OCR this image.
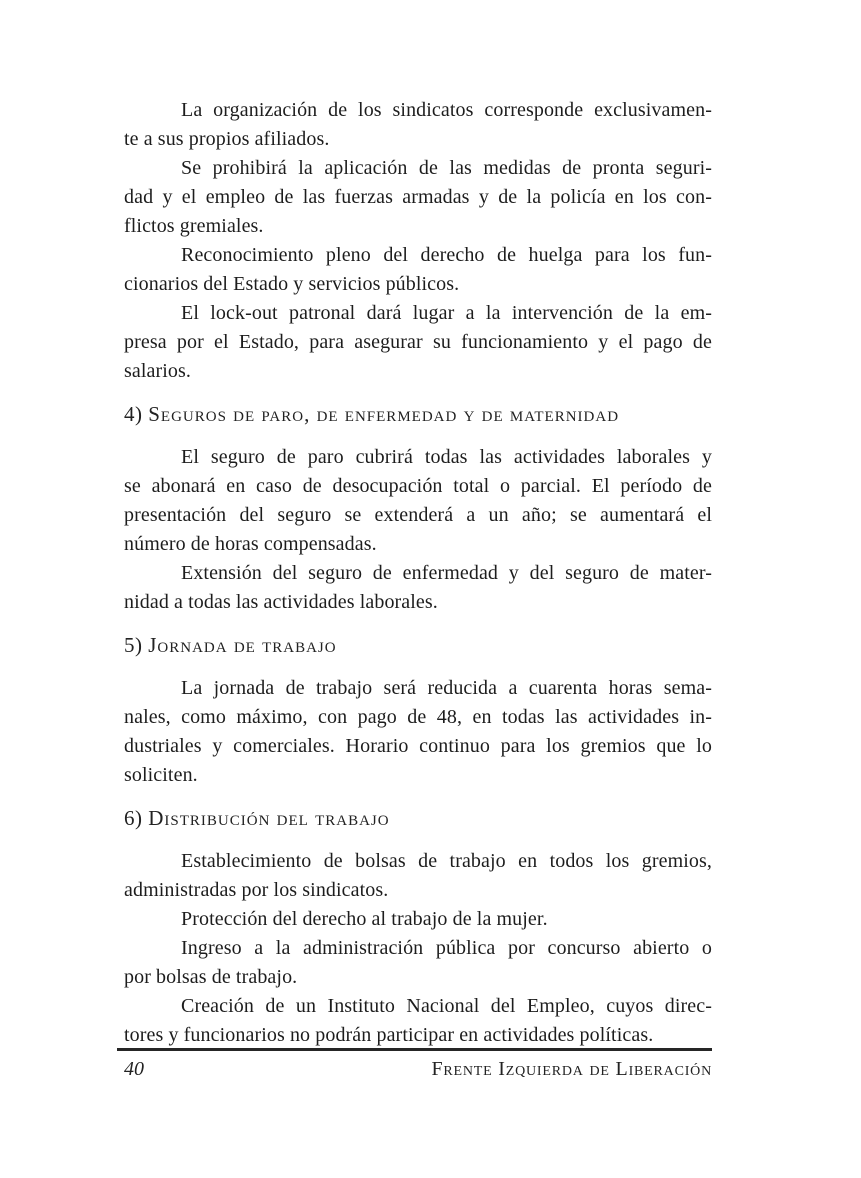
La organización de los sindicatos corresponde exclusivamen-
te a sus propios afiliados.

Se prohibirá la aplicación de las medidas de pronta seguri-
dad y el empleo de las fuerzas armadas y de la policía en los con-
flictos gremiales.

Reconocimiento pleno del derecho de huelga para los fun-
cionarios del Estado y servicios públicos.

El lock-out patronal dará lugar a la intervención de la em-
presa por el Estado, para asegurar su funcionamiento y el pago de
salarios.

4) Seguros de paro, de enfermedad y de maternidad

El seguro de paro cubrirá todas las actividades laborales y
se abonará en caso de desocupación total o parcial. El período de
presentación del seguro se extenderá a un año; se aumentará el
número de horas compensadas.

Extensión del seguro de enfermedad y del seguro de mater-
nidad a todas las actividades laborales.

5) Jornada de trabajo

La jornada de trabajo será reducida a cuarenta horas sema-
nales, como máximo, con pago de 48, en todas las actividades in-
dustriales y comerciales. Horario continuo para los gremios que lo
soliciten.

6) Distribución del trabajo

Establecimiento de bolsas de trabajo en todos los gremios,
administradas por los sindicatos.

Protección del derecho al trabajo de la mujer.

Ingreso a la administración pública por concurso abierto o
por bolsas de trabajo.

Creación de un Instituto Nacional del Empleo, cuyos direc-
tores y funcionarios no podrán participar en actividades políticas.

40	Frente Izquierda de Liberación
